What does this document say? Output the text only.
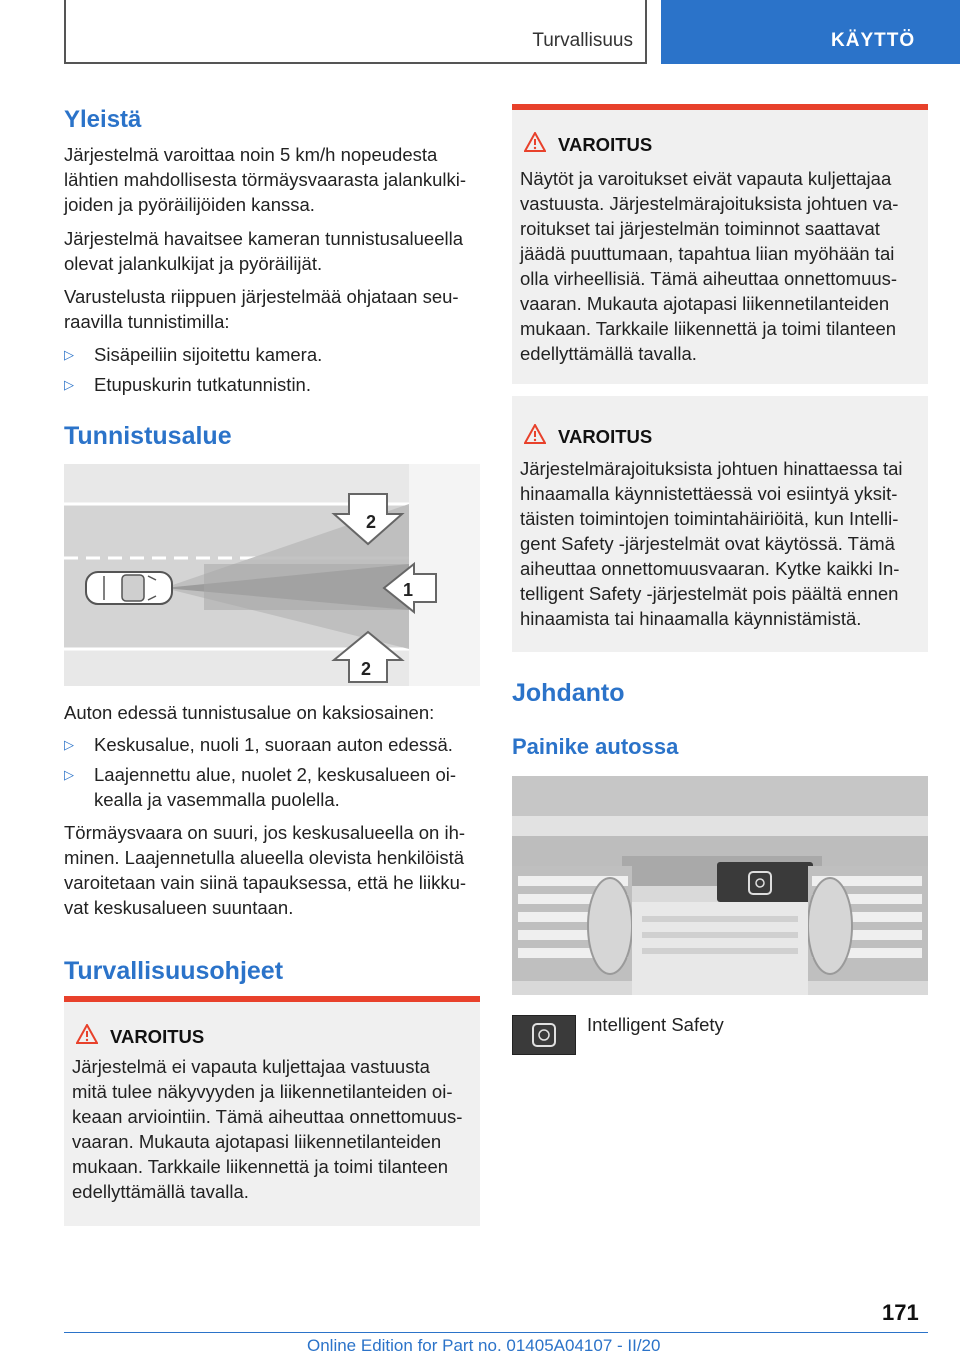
Turvallisuus	KÄYTTÖ
Yleistä

Järjestelmä varoittaa noin 5 km/h nopeudesta

lähtien mahdollisesta törmäysvaarasta jalankulki-

joiden ja pyöräilijöiden kanssa.

Järjestelmä havaitsee kameran tunnistusalueella

olevat jalankulkijat ja pyöräilijät.

Varustelusta riippuen järjestelmää ohjataan seu-

raavilla tunnistimilla:

▷ Sisäpeiliin sijoitettu kamera.
▷ Etupuskurin tutkatunnistin.
Tunnistusalue
2
1
2

Auton edessä tunnistusalue on kaksiosainen:

▷ Keskusalue, nuoli 1, suoraan auton edessä.
▷ Laajennettu alue, nuolet 2, keskusalueen oi-
kealla ja vasemmalla puolella.

Törmäysvaara on suuri, jos keskusalueella on ih-

minen. Laajennetulla alueella olevista henkilöistä

varoitetaan vain siinä tapauksessa, että he liikku-

vat keskusalueen suuntaan.

Turvallisuusohjeet
VAROITUS
Järjestelmä ei vapauta kuljettajaa vastuusta
mitä tulee näkyvyyden ja liikennetilanteiden oi-
keaan arviointiin. Tämä aiheuttaa onnettomuus-
vaaran. Mukauta ajotapasi liikennetilanteiden
mukaan. Tarkkaile liikennettä ja toimi tilanteen
edellyttämällä tavalla.
VAROITUS
Näytöt ja varoitukset eivät vapauta kuljettajaa
vastuusta. Järjestelmärajoituksista johtuen va-
roitukset tai järjestelmän toiminnot saattavat
jäädä puuttumaan, tapahtua liian myöhään tai
olla virheellisiä. Tämä aiheuttaa onnettomuus-
vaaran. Mukauta ajotapasi liikennetilanteiden
mukaan. Tarkkaile liikennettä ja toimi tilanteen
edellyttämällä tavalla.
VAROITUS
Järjestelmärajoituksista johtuen hinattaessa tai
hinaamalla käynnistettäessä voi esiintyä yksit-
täisten toimintojen toimintahäiriöitä, kun Intelli-
gent Safety -järjestelmät ovat käytössä. Tämä
aiheuttaa onnettomuusvaaran. Kytke kaikki In-
telligent Safety -järjestelmät pois päältä ennen
hinaamista tai hinaamalla käynnistämistä.
Johdanto
Painike autossa
Intelligent Safety
171
Online Edition for Part no. 01405A04107 - II/20
